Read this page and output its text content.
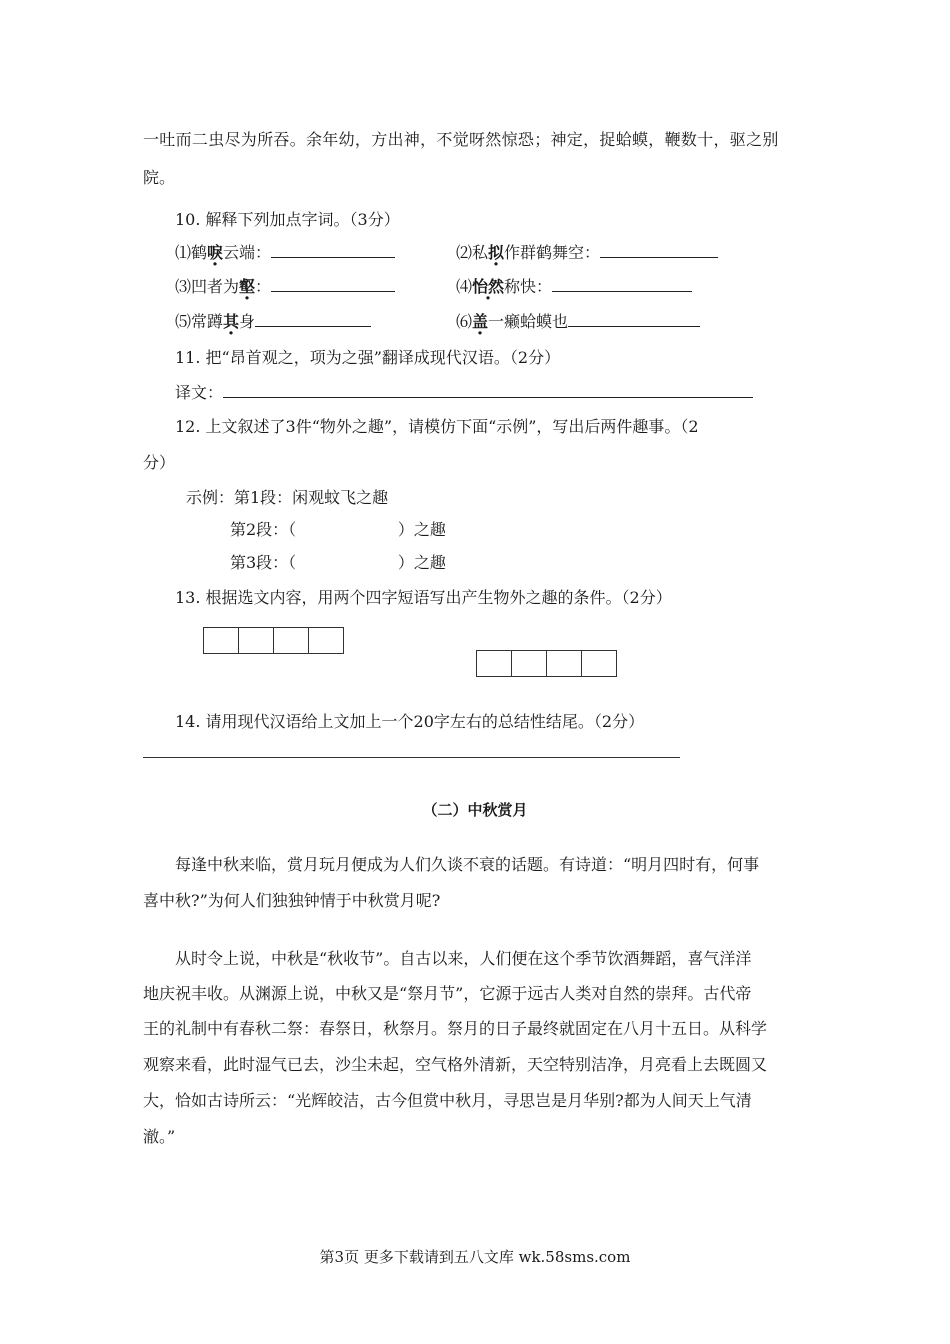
一吐而二虫尽为所吞。余年幼，方出神，不觉呀然惊恐；神定，捉蛤蟆，鞭数十，驱之别
院。
10. 解释下列加点字词。（3分）
⑴鹤唳云端：	⑵私拟作群鹤舞空：
⑶凹者为壑：	⑷怡然称快：
⑸常蹲其身	⑹盖一癞蛤蟆也
11. 把“昂首观之，项为之强”翻译成现代汉语。（2分）
译文：
12. 上文叙述了3件“物外之趣”，请模仿下面“示例”，写出后两件趣事。（2
分）
示例：第1段：闲观蚊飞之趣
第2段：（                    ）之趣
第3段：（                    ）之趣
13. 根据选文内容，用两个四字短语写出产生物外之趣的条件。（2分）
14. 请用现代汉语给上文加上一个20字左右的总结性结尾。（2分）
（二）中秋赏月
每逢中秋来临，赏月玩月便成为人们久谈不衰的话题。有诗道：“明月四时有，何事
喜中秋?”为何人们独独钟情于中秋赏月呢?
从时令上说，中秋是“秋收节”。自古以来，人们便在这个季节饮酒舞蹈，喜气洋洋
地庆祝丰收。从渊源上说，中秋又是“祭月节”，它源于远古人类对自然的崇拜。古代帝
王的礼制中有春秋二祭：春祭日，秋祭月。祭月的日子最终就固定在八月十五日。从科学
观察来看，此时湿气已去，沙尘未起，空气格外清新，天空特别洁净，月亮看上去既圆又
大，恰如古诗所云：“光辉皎洁，古今但赏中秋月，寻思岂是月华别?都为人间天上气清
澈。”
第3页 更多下载请到五八文库 wk.58sms.com
